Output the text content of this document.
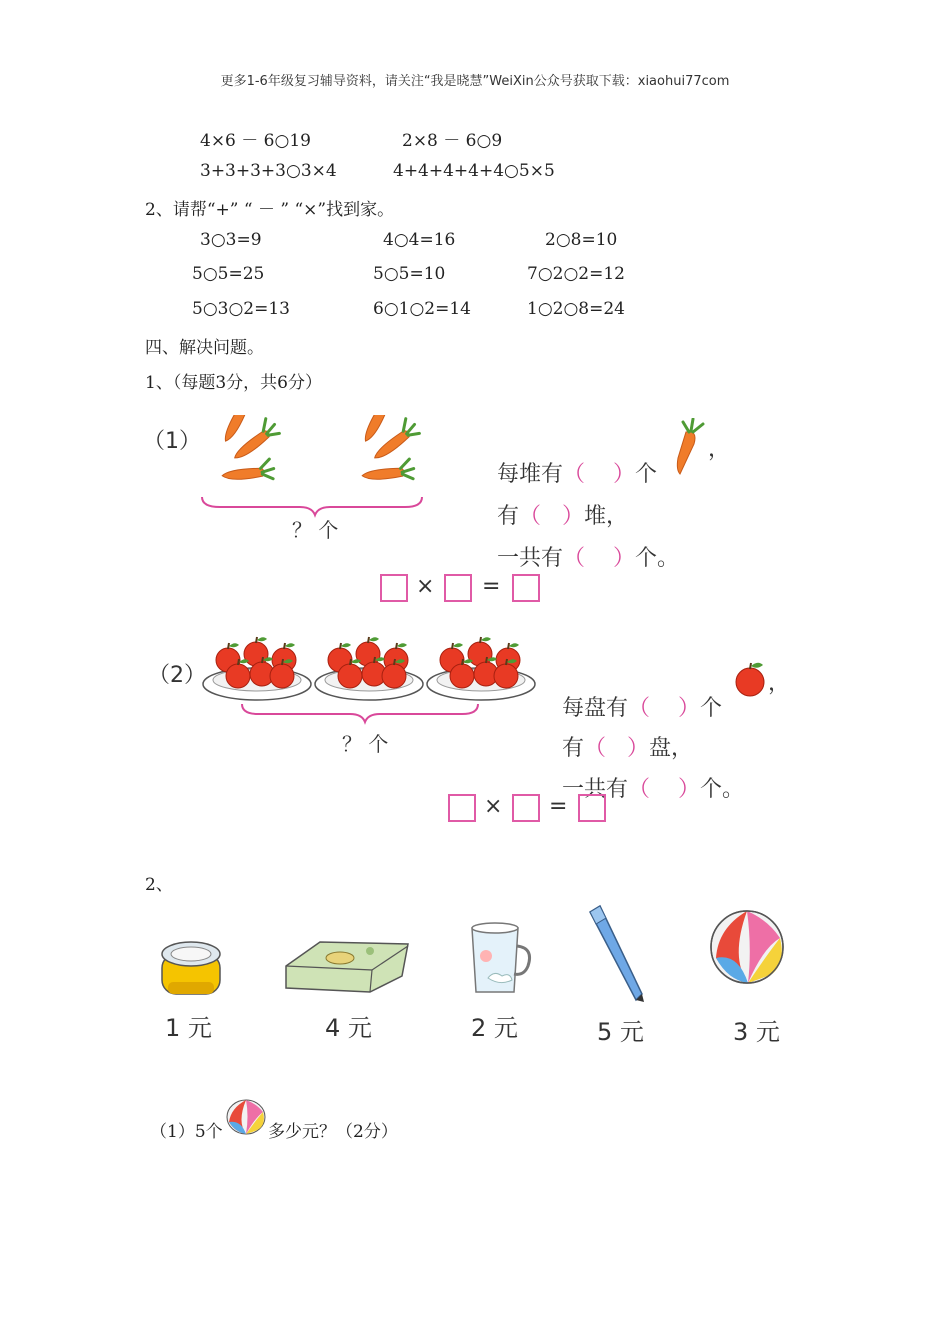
更多1-6年级复习辅导资料，请关注“我是晓慧”WeiXin公众号获取下载：xiaohui77com
4×6 － 6○19	2×8 － 6○9
3+3+3+3○3×4	4+4+4+4+4○5×5
2、请帮“+” “ － ” “×”找到家。
3○3=9	4○4=16	2○8=10
5○5=25	5○5=10	7○2○2=12
5○3○2=13	6○1○2=14	1○2○8=24
四、解决问题。
1、（每题3分，共6分）
（1）
？ 个

每堆有（ ）个

，

有（ ）堆，

一共有（ ）个。

× =
（2）
？ 个

每盘有（ ）个

，

有（ ）盘，

一共有（ ）个。

× =
2、
1 元	4 元	2 元	5 元	3 元
（1）5个	多少元？（2分）
